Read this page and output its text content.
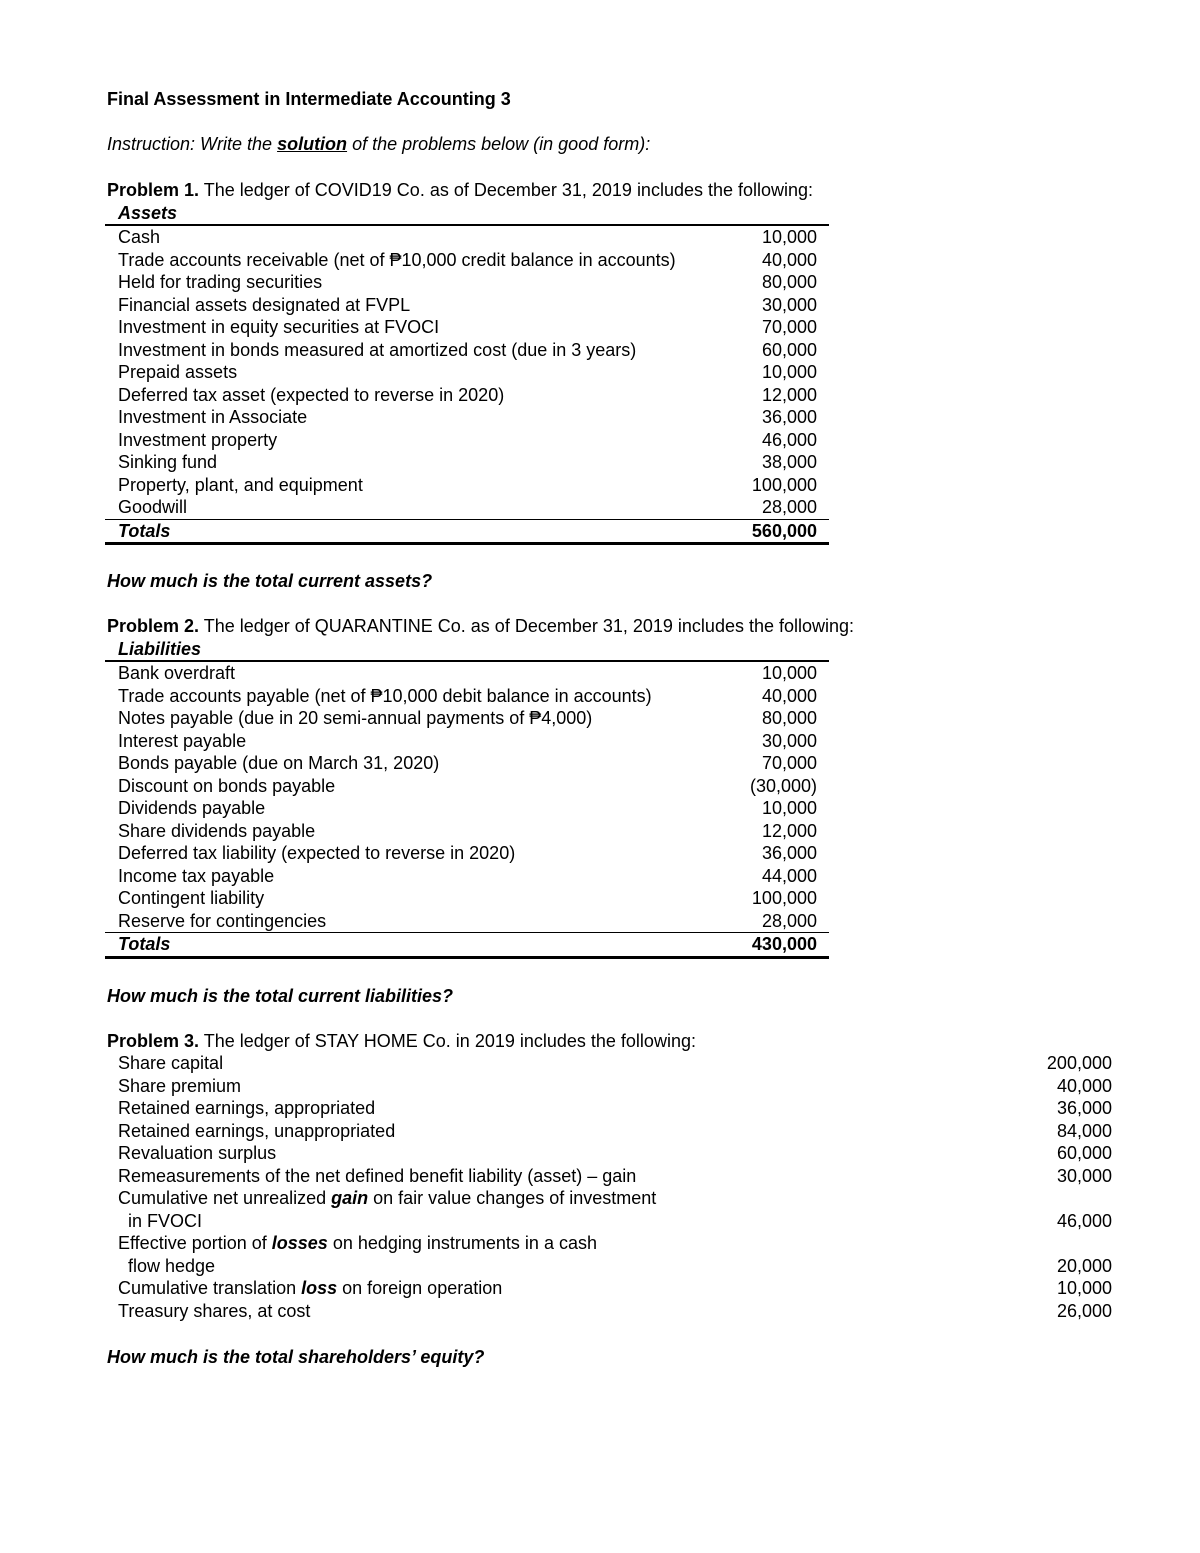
Final Assessment in Intermediate Accounting 3
Instruction: Write the solution of the problems below (in good form):
Problem 1. The ledger of COVID19 Co. as of December 31, 2019 includes the following:
Assets
Cash	10,000
Trade accounts receivable (net of ₱10,000 credit balance in accounts)	40,000
Held for trading securities	80,000
Financial assets designated at FVPL	30,000
Investment in equity securities at FVOCI	70,000
Investment in bonds measured at amortized cost (due in 3 years)	60,000
Prepaid assets	10,000
Deferred tax asset (expected to reverse in 2020)	12,000
Investment in Associate	36,000
Investment property	46,000
Sinking fund	38,000
Property, plant, and equipment	100,000
Goodwill	28,000
Totals	560,000
How much is the total current assets?
Problem 2. The ledger of QUARANTINE Co. as of December 31, 2019 includes the following:
Liabilities
Bank overdraft	10,000
Trade accounts payable (net of ₱10,000 debit balance in accounts)	40,000
Notes payable (due in 20 semi-annual payments of ₱4,000)	80,000
Interest payable	30,000
Bonds payable (due on March 31, 2020)	70,000
Discount on bonds payable	(30,000)
Dividends payable	10,000
Share dividends payable	12,000
Deferred tax liability (expected to reverse in 2020)	36,000
Income tax payable	44,000
Contingent liability	100,000
Reserve for contingencies	28,000
Totals	430,000
How much is the total current liabilities?
Problem 3. The ledger of STAY HOME Co. in 2019 includes the following:
Share capital	200,000
Share premium	40,000
Retained earnings, appropriated	36,000
Retained earnings, unappropriated	84,000
Revaluation surplus	60,000
Remeasurements of the net defined benefit liability (asset) – gain	30,000
Cumulative net unrealized gain on fair value changes of investment
in FVOCI	46,000
Effective portion of losses on hedging instruments in a cash
flow hedge	20,000
Cumulative translation loss on foreign operation	10,000
Treasury shares, at cost	26,000
How much is the total shareholders’ equity?
